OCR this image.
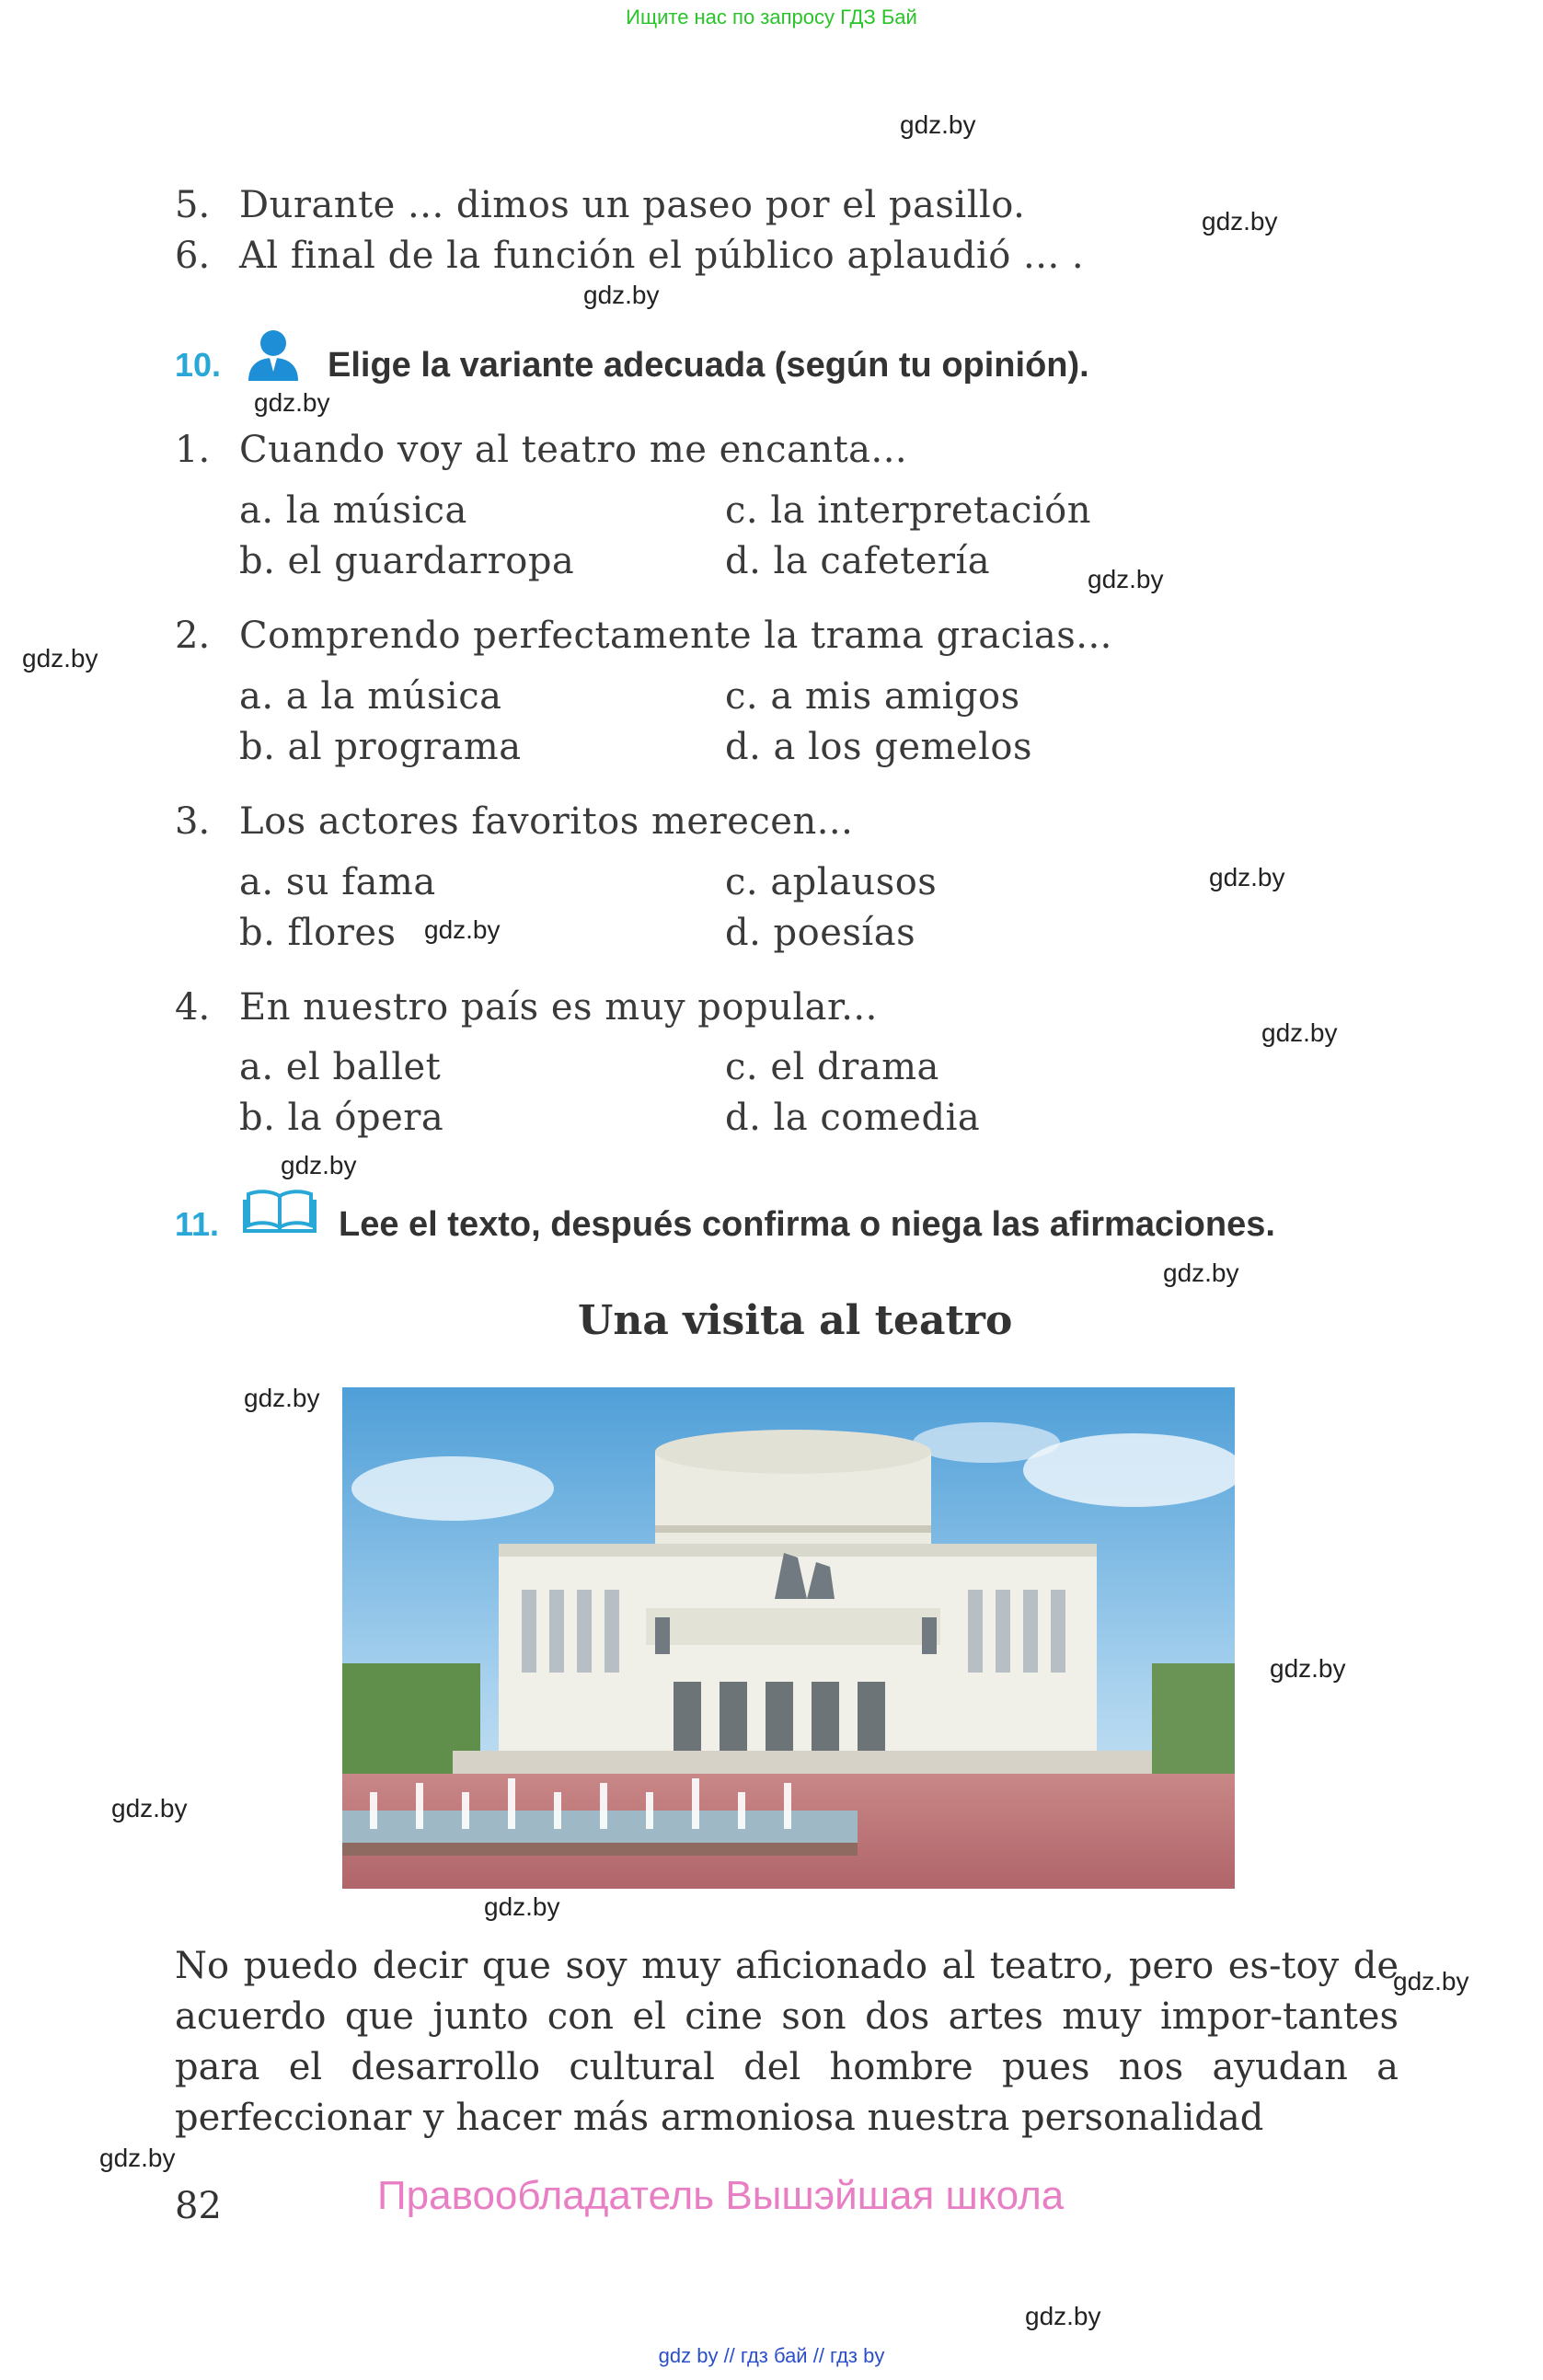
Ищите нас по запросу ГДЗ Бай
gdz.by
gdz.by
gdz.by
gdz.by
gdz.by
gdz.by
gdz.by
gdz.by
gdz.by
gdz.by
gdz.by
gdz.by
gdz.by
gdz.by
gdz.by
gdz.by
gdz.by
gdz.by
5. Durante ... dimos un paseo por el pasillo.
6. Al final de la función el público aplaudió ... .
10.	Elige la variante adecuada (según tu opinión).
1. Cuando voy al teatro me encanta...
a. la música
b. el guardarropa
c. la interpretación
d. la cafetería
2. Comprendo perfectamente la trama gracias...
a. a la música
b. al programa
c. a mis amigos
d. a los gemelos
3. Los actores favoritos merecen...
a. su fama
b. flores
c. aplausos
d. poesías
4. En nuestro país es muy popular...
a. el ballet
b. la ópera
c. el drama
d. la comedia
11.	Lee el texto, después confirma o niega las afirmaciones.
Una visita al teatro
No puedo decir que soy muy aficionado al teatro, pero es-toy de acuerdo que junto con el cine son dos artes muy impor-tantes para el desarrollo cultural del hombre pues nos ayudan a perfeccionar y hacer más armoniosa nuestra personalidad
82	Правообладатель Вышэйшая школа
gdz by // гдз бай // гдз by
